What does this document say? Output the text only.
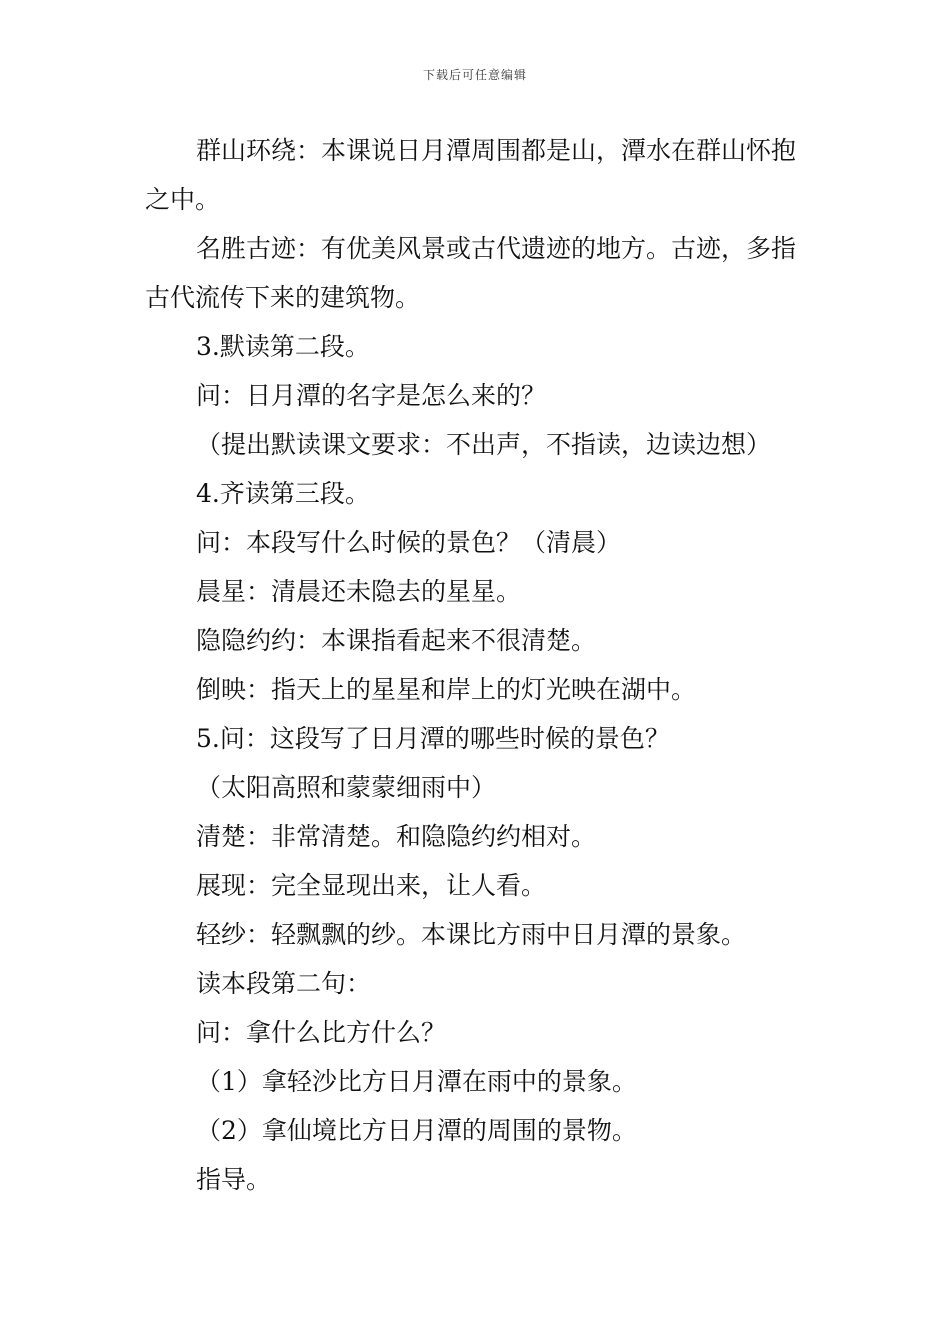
下载后可任意编辑

群山环绕：本课说日月潭周围都是山，潭水在群山怀抱之中。

名胜古迹：有优美风景或古代遗迹的地方。古迹，多指古代流传下来的建筑物。

3.默读第二段。

问：日月潭的名字是怎么来的？

（提出默读课文要求：不出声，不指读，边读边想）

4.齐读第三段。

问：本段写什么时候的景色？（清晨）

晨星：清晨还未隐去的星星。

隐隐约约：本课指看起来不很清楚。

倒映：指天上的星星和岸上的灯光映在湖中。

5.问：这段写了日月潭的哪些时候的景色？

（太阳高照和蒙蒙细雨中）

清楚：非常清楚。和隐隐约约相对。

展现：完全显现出来，让人看。

轻纱：轻飘飘的纱。本课比方雨中日月潭的景象。

读本段第二句：

问：拿什么比方什么？

（1）拿轻沙比方日月潭在雨中的景象。

（2）拿仙境比方日月潭的周围的景物。

指导。
